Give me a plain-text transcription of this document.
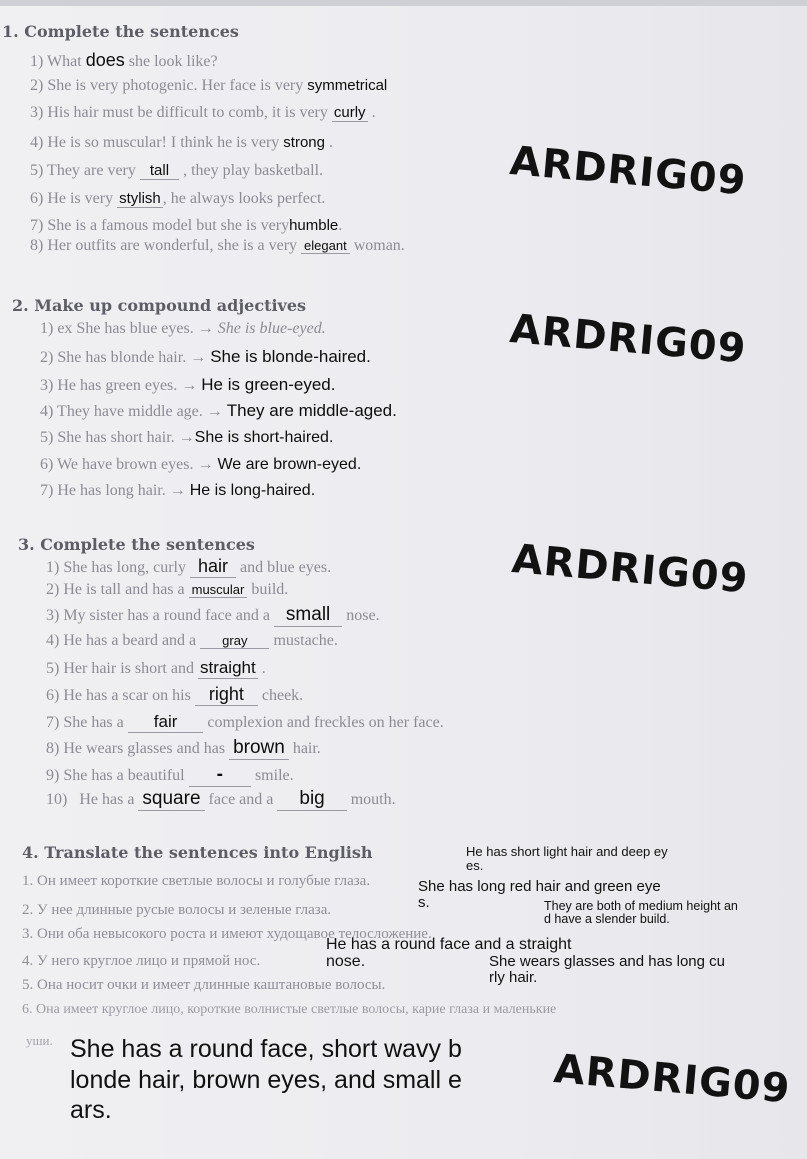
1. Complete the sentences
1) What does she look like?
2) She is very photogenic. Her face is very symmetrical
3) His hair must be difficult to comb, it is very curly .
4) He is so muscular! I think he is very strong .
5) They are very tall , they play basketball.
6) He is very stylish , he always looks perfect.
7) She is a famous model but she is veryhumble.
8) Her outfits are wonderful, she is a very elegant woman.
ARDRIG09
2. Make up compound adjectives
1) ex She has blue eyes. → She is blue-eyed.
2) She has blonde hair. → She is blonde-haired.
3) He has green eyes. → He is green-eyed.
4) They have middle age. → They are middle-aged.
5) She has short hair. →She is short-haired.
6) We have brown eyes. → We are brown-eyed.
7) He has long hair. → He is long-haired.
ARDRIG09
3. Complete the sentences
1) She has long, curly hair and blue eyes.
2) He is tall and has a muscular build.
3) My sister has a round face and a small nose.
4) He has a beard and a gray mustache.
5) Her hair is short and straight .
6) He has a scar on his right cheek.
7) She has a fair complexion and freckles on her face.
8) He wears glasses and has brown hair.
9) She has a beautiful - smile.
10) He has a square face and a big mouth.
ARDRIG09
4. Translate the sentences into English
1. Он имеет короткие светлые волосы и голубые глаза.
2. У нее длинные русые волосы и зеленые глаза.
3. Они оба невысокого роста и имеют худощавое телосложение.
4. У него круглое лицо и прямой нос.
5. Она носит очки и имеет длинные каштановые волосы.
6. Она имеет круглое лицо, короткие волнистые светлые волосы, карие глаза и маленькие
уши.
He has short light hair and deep ey
es.
She has long red hair and green eye
s.	They are both of medium height an
d have a slender build.
He has a round face and a straight
nose.	She wears glasses and has long cu
rly hair.
She has a round face, short wavy b
londe hair, brown eyes, and small e
ars.	ARDRIG09
